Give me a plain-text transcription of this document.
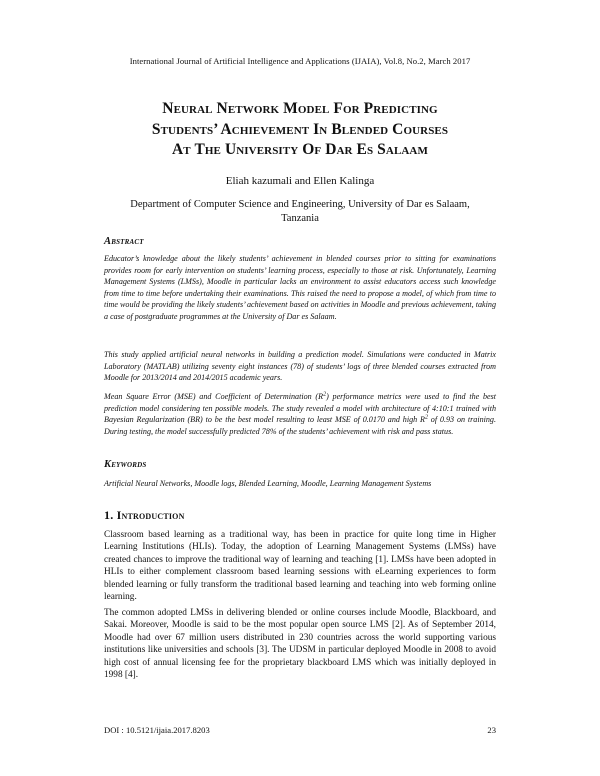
International Journal of Artificial Intelligence and Applications (IJAIA), Vol.8, No.2, March 2017
Neural Network Model For Predicting
Students’ Achievement In Blended Courses
At The University Of Dar Es Salaam
Eliah kazumali and Ellen Kalinga
Department of Computer Science and Engineering, University of Dar es Salaam,
Tanzania
Abstract
Educator’s knowledge about the likely students’ achievement in blended courses prior to sitting for examinations provides room for early intervention on students’ learning process, especially to those at risk. Unfortunately, Learning Management Systems (LMSs), Moodle in particular lacks an environment to assist educators access such knowledge from time to time before undertaking their examinations. This raised the need to propose a model, of which from time to time would be providing the likely students’ achievement based on activities in Moodle and previous achievement, taking a case of postgraduate programmes at the University of Dar es Salaam.
This study applied artificial neural networks in building a prediction model. Simulations were conducted in Matrix Laboratory (MATLAB) utilizing seventy eight instances (78) of students’ logs of three blended courses extracted from Moodle for 2013/2014 and 2014/2015 academic years.
Mean Square Error (MSE) and Coefficient of Determination $(R^2)$ performance metrics were used to find the best prediction model considering ten possible models. The study revealed a model with architecture of 4:10:1 trained with Bayesian Regularization (BR) to be the best model resulting to least MSE of 0.0170 and high $R^2$ of 0.93 on training. During testing, the model successfully predicted 78% of the students’ achievement with risk and pass status.
Keywords
Artificial Neural Networks, Moodle logs, Blended Learning, Moodle, Learning Management Systems
1. Introduction
Classroom based learning as a traditional way, has been in practice for quite long time in Higher Learning Institutions (HLIs). Today, the adoption of Learning Management Systems (LMSs) have created chances to improve the traditional way of learning and teaching [1]. LMSs have been adopted in HLIs to either complement classroom based learning sessions with eLearning experiences to form blended learning or fully transform the traditional based learning and teaching into web forming online learning.
The common adopted LMSs in delivering blended or online courses include Moodle, Blackboard, and Sakai. Moreover, Moodle is said to be the most popular open source LMS [2]. As of September 2014, Moodle had over 67 million users distributed in 230 countries across the world supporting various institutions like universities and schools [3]. The UDSM in particular deployed Moodle in 2008 to avoid high cost of annual licensing fee for the proprietary blackboard LMS which was initially deployed in 1998 [4].
DOI : 10.5121/ijaia.2017.8203	23
